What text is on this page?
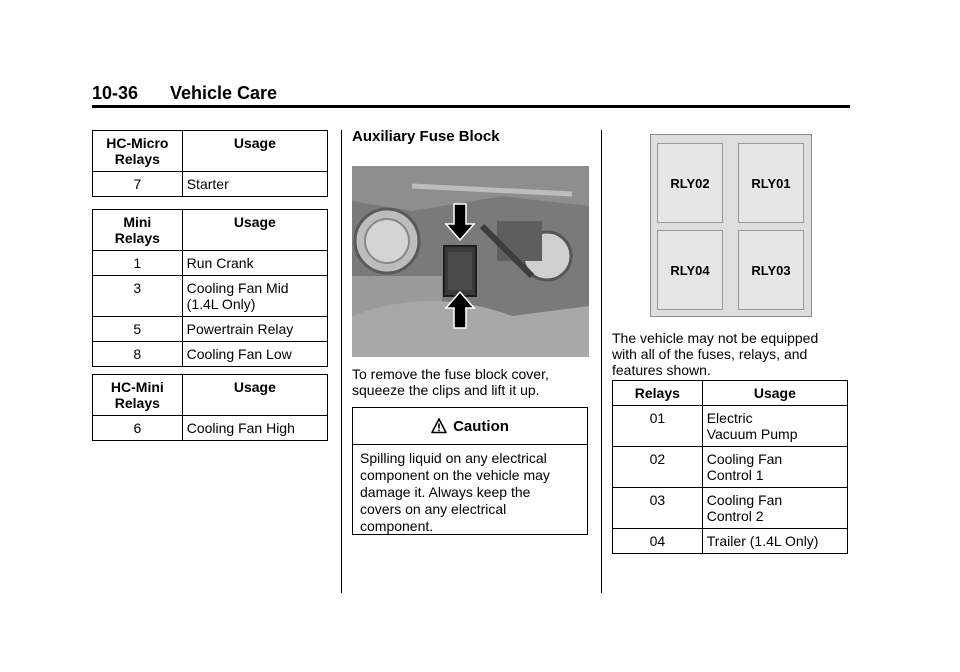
10-36 Vehicle Care
HC-Micro
Relays	Usage
7	Starter
Mini
Relays	Usage
1	Run Crank
3	Cooling Fan Mid
(1.4L Only)
5	Powertrain Relay
8	Cooling Fan Low
HC-Mini
Relays	Usage
6	Cooling Fan High
Auxiliary Fuse Block
To remove the fuse block cover,
squeeze the clips and lift it up.
Caution
Spilling liquid on any electrical
component on the vehicle may
damage it. Always keep the
covers on any electrical
component.
RLY02	RLY01
RLY04	RLY03
The vehicle may not be equipped
with all of the fuses, relays, and
features shown.
Relays	Usage
01	Electric
Vacuum Pump
02	Cooling Fan
Control 1
03	Cooling Fan
Control 2
04	Trailer (1.4L Only)
